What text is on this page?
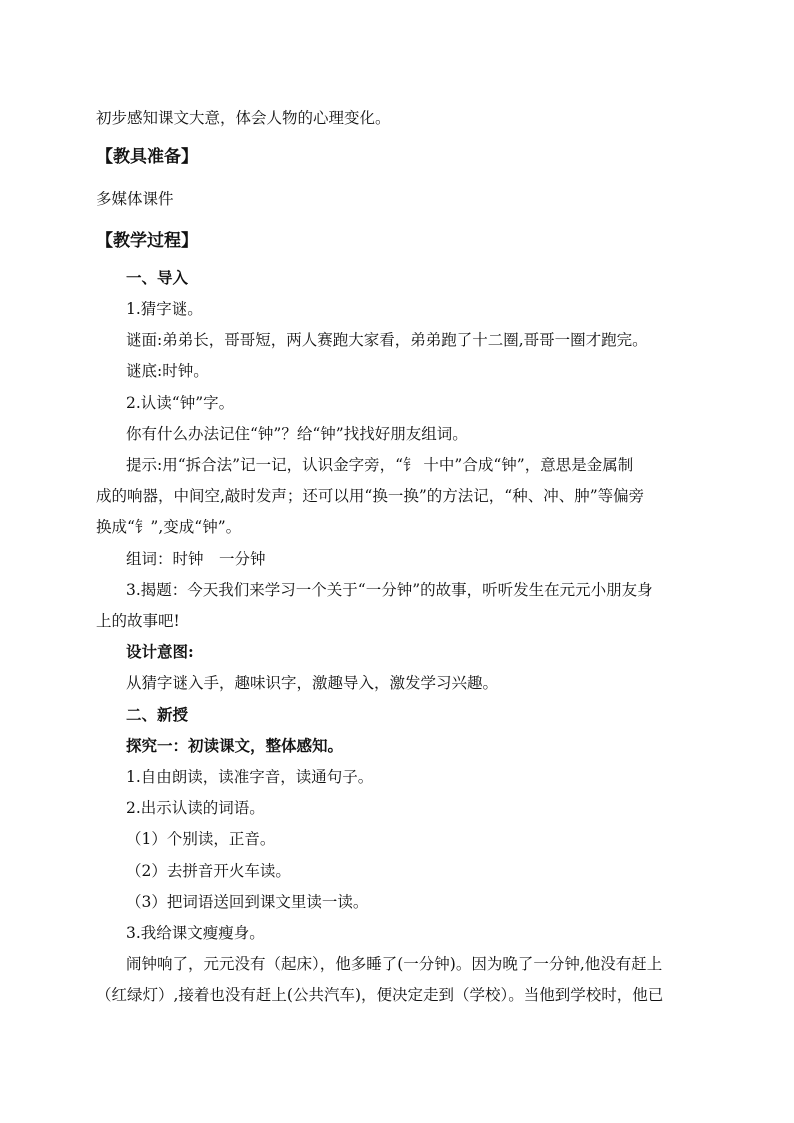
初步感知课文大意，体会人物的心理变化。

【教具准备】

多媒体课件

【教学过程】

一、导入

1.猜字谜。

谜面:弟弟长，哥哥短，两人赛跑大家看，弟弟跑了十二圈,哥哥一圈才跑完。

谜底:时钟。

2.认读“钟”字。

你有什么办法记住“钟”？给“钟”找找好朋友组词。

提示:用“拆合法”记一记，认识金字旁，“钅 十中”合成“钟”，意思是金属制

成的响器，中间空,敲时发声；还可以用“换一换”的方法记，“种、冲、肿”等偏旁

换成“钅”,变成“钟”。

组词：时钟　一分钟

3.揭题：今天我们来学习一个关于“一分钟”的故事，听听发生在元元小朋友身

上的故事吧!

设计意图:

从猜字谜入手，趣味识字，激趣导入，激发学习兴趣。

二、新授

探究一：初读课文，整体感知。

1.自由朗读，读准字音，读通句子。

2.出示认读的词语。

（1）个别读，正音。

（2）去拼音开火车读。

（3）把词语送回到课文里读一读。

3.我给课文瘦瘦身。

闹钟响了，元元没有（起床），他多睡了(一分钟)。因为晚了一分钟,他没有赶上

（红绿灯）,接着也没有赶上(公共汽车)，便决定走到（学校）。当他到学校时，他已
